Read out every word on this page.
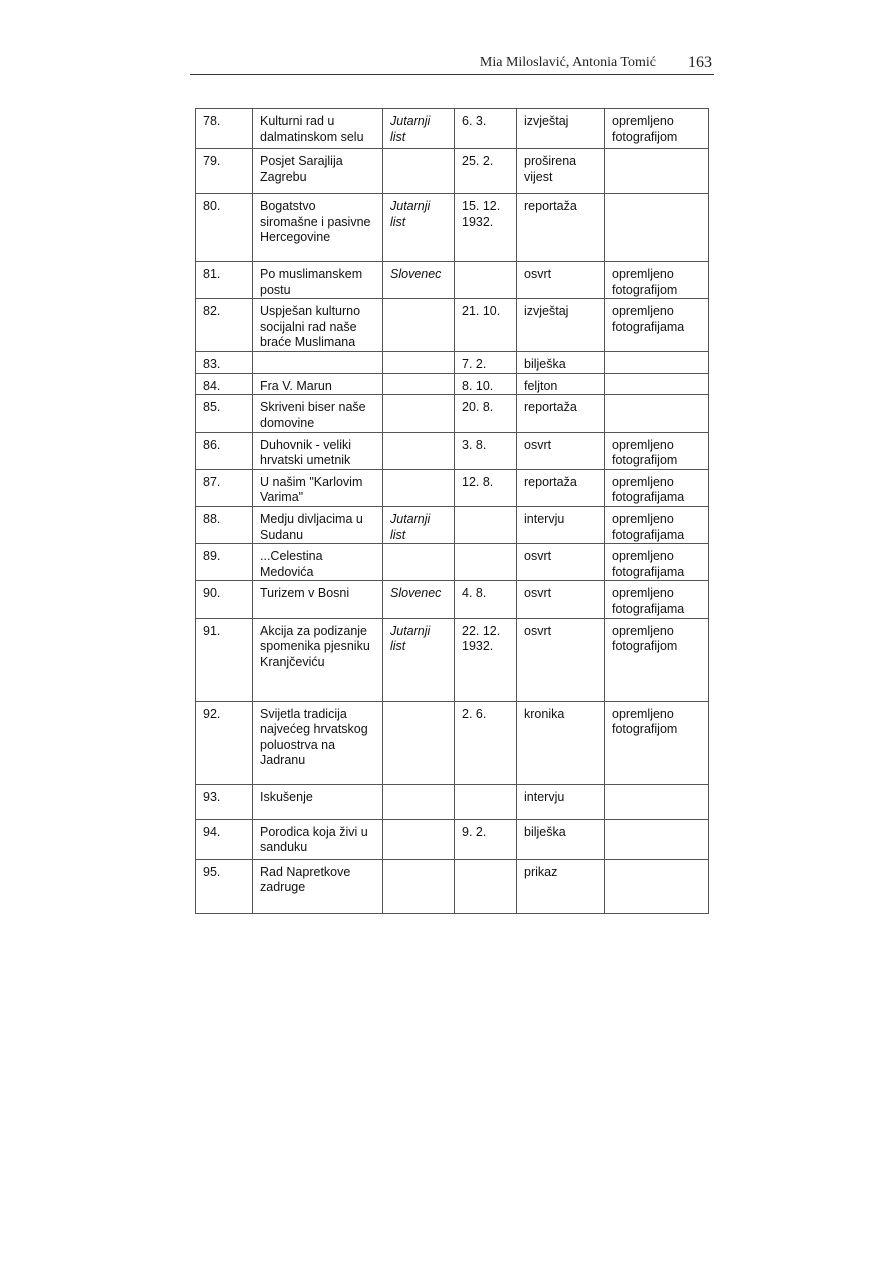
Mia Miloslavić, Antonia Tomić 163
78.	Kulturni rad u dalmatinskom selu	Jutarnji list	6. 3.	izvještaj	opremljeno fotografijom
79.	Posjet Sarajlija Zagrebu		25. 2.	proširena vijest	
80.	Bogatstvo siromašne i pasivne Hercegovine	Jutarnji list	15. 12. 1932.	reportaža	
81.	Po muslimanskem postu	Slovenec		osvrt	opremljeno fotografijom
82.	Uspješan kulturno socijalni rad naše braće Muslimana		21. 10.	izvještaj	opremljeno fotografijama
83.			7. 2.	bilješka	
84.	Fra V. Marun		8. 10.	feljton	
85.	Skriveni biser naše domovine		20. 8.	reportaža	
86.	Duhovnik - veliki hrvatski umetnik		3. 8.	osvrt	opremljeno fotografijom
87.	U našim "Karlovim Varima"		12. 8.	reportaža	opremljeno fotografijama
88.	Medju divljacima u Sudanu	Jutarnji list		intervju	opremljeno fotografijama
89.	...Celestina Medovića			osvrt	opremljeno fotografijama
90.	Turizem v Bosni	Slovenec	4. 8.	osvrt	opremljeno fotografijama
91.	Akcija za podizanje spomenika pjesniku Kranjčeviću	Jutarnji list	22. 12. 1932.	osvrt	opremljeno fotografijom
92.	Svijetla tradicija najvećeg hrvatskog poluostrva na Jadranu		2. 6.	kronika	opremljeno fotografijom
93.	Iskušenje			intervju	
94.	Porodica koja živi u sanduku		9. 2.	bilješka	
95.	Rad Napretkove zadruge			prikaz	
